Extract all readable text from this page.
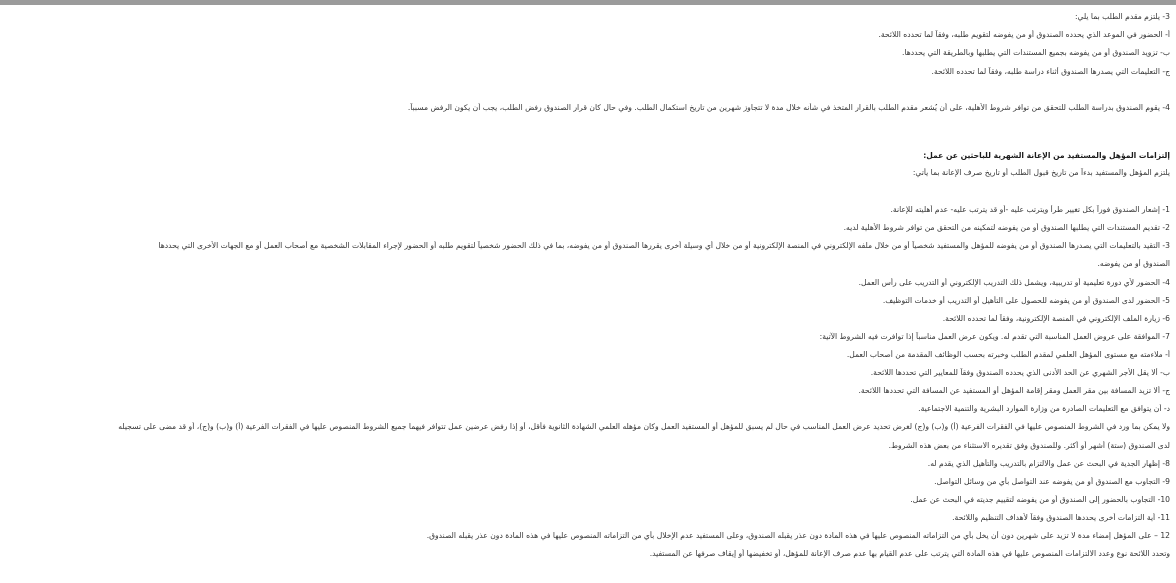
3- يلتزم مقدم الطلب بما يلي:
أ- الحضور في الموعد الذي يحدده الصندوق أو من يفوضه لتقويم طلبه، وفقاً لما تحدده اللائحة.
ب- تزويد الصندوق أو من يفوضه بجميع المستندات التي يطلبها وبالطريقة التي يحددها.
ج- التعليمات التي يصدرها الصندوق أثناء دراسة طلبه، وفقاً لما تحدده اللائحة.
4- يقوم الصندوق بدراسة الطلب للتحقق من توافر شروط الأهلية، على أن يُشعر مقدم الطلب بالقرار المتخذ في شأنه خلال مدة لا تتجاوز شهرين من تاريخ استكمال الطلب. وفي حال كان قرار الصندوق رفض الطلب، يجب أن يكون الرفض مسبباً.
إلتزامات المؤهل والمستفيد من الإعانة الشهرية للباحثين عن عمل:
يلتزم المؤهل والمستفيد بدءاً من تاريخ قبول الطلب أو تاريخ صرف الإعانة بما يأتي:
1- إشعار الصندوق فوراً بكل تغيير طرأ ويترتب عليه -أو قد يترتب عليه- عدم أهليته للإعانة.
2- تقديم المستندات التي يطلبها الصندوق أو من يفوضه لتمكينه من التحقق من توافر شروط الأهلية لديه.
3- التقيد بالتعليمات التي يصدرها الصندوق أو من يفوضه للمؤهل والمستفيد شخصياً أو من خلال ملفه الإلكتروني في المنصة الإلكترونية أو من خلال أي وسيلة أخرى يقررها الصندوق أو من يفوضه، بما في ذلك الحضور شخصياً لتقويم طلبه أو الحضور لإجراء المقابلات الشخصية مع أصحاب العمل أو مع الجهات الأخرى التي يحددها
الصندوق أو من يفوضه.
4- الحضور لأي دورة تعليمية أو تدريبية، ويشمل ذلك التدريب الإلكتروني أو التدريب على رأس العمل.
5- الحضور لدى الصندوق أو من يفوضه للحصول على التأهيل أو التدريب أو خدمات التوظيف.
6- زيارة الملف الإلكتروني في المنصة الإلكترونية، وفقاً لما تحدده اللائحة.
7- الموافقة على عروض العمل المناسبة التي تقدم له. ويكون عرض العمل مناسباً إذا توافرت فيه الشروط الآتية:
أ- ملاءمته مع مستوى المؤهل العلمي لمقدم الطلب وخبرته بحسب الوظائف المقدمة من أصحاب العمل.
ب- ألا يقل الأجر الشهري عن الحد الأدنى الذي يحدده الصندوق وفقاً للمعايير التي تحددها اللائحة.
ج- ألا تزيد المسافة بين مقر العمل ومقر إقامة المؤهل أو المستفيد عن المسافة التي تحددها اللائحة.
د- أن يتوافق مع التعليمات الصادرة من وزارة الموارد البشرية والتنمية الاجتماعية.
ولا يمكن بما ورد في الشروط المنصوص عليها في الفقرات الفرعية (أ) و(ب) و(ج) لغرض تحديد عرض العمل المناسب في حال لم يسبق للمؤهل أو المستفيد العمل وكان مؤهله العلمي الشهادة الثانوية فأقل، أو إذا رفض عرضين عمل تتوافر فيهما جميع الشروط المنصوص عليها في الفقرات الفرعية (أ) و(ب) و(ج)، أو قد مضى على تسجيله
لدى الصندوق (ستة) أشهر أو أكثر. وللصندوق وفق تقديره الاستثناء من بعض هذه الشروط.
8- إظهار الجدية في البحث عن عمل والالتزام بالتدريب والتأهيل الذي يقدم له.
9- التجاوب مع الصندوق أو من يفوضه عند التواصل بأي من وسائل التواصل.
10- التجاوب بالحضور إلى الصندوق أو من يفوضه لتقييم جديته في البحث عن عمل.
11- أية التزامات أخرى يحددها الصندوق وفقاً لأهداف التنظيم واللائحة.
12 – على المؤهل إمضاء مدة لا تزيد على شهرين دون أن يخل بأي من التزاماته المنصوص عليها في هذه المادة دون عذر يقبله الصندوق، وعلى المستفيد عدم الإخلال بأي من التزاماته المنصوص عليها في هذه المادة دون عذر يقبله الصندوق.
وتحدد اللائحة نوع وعدد الالتزامات المنصوص عليها في هذه المادة التي يترتب على عدم القيام بها عدم صرف الإعانة للمؤهل، أو تخفيضها أو إيقاف صرفها عن المستفيد.
